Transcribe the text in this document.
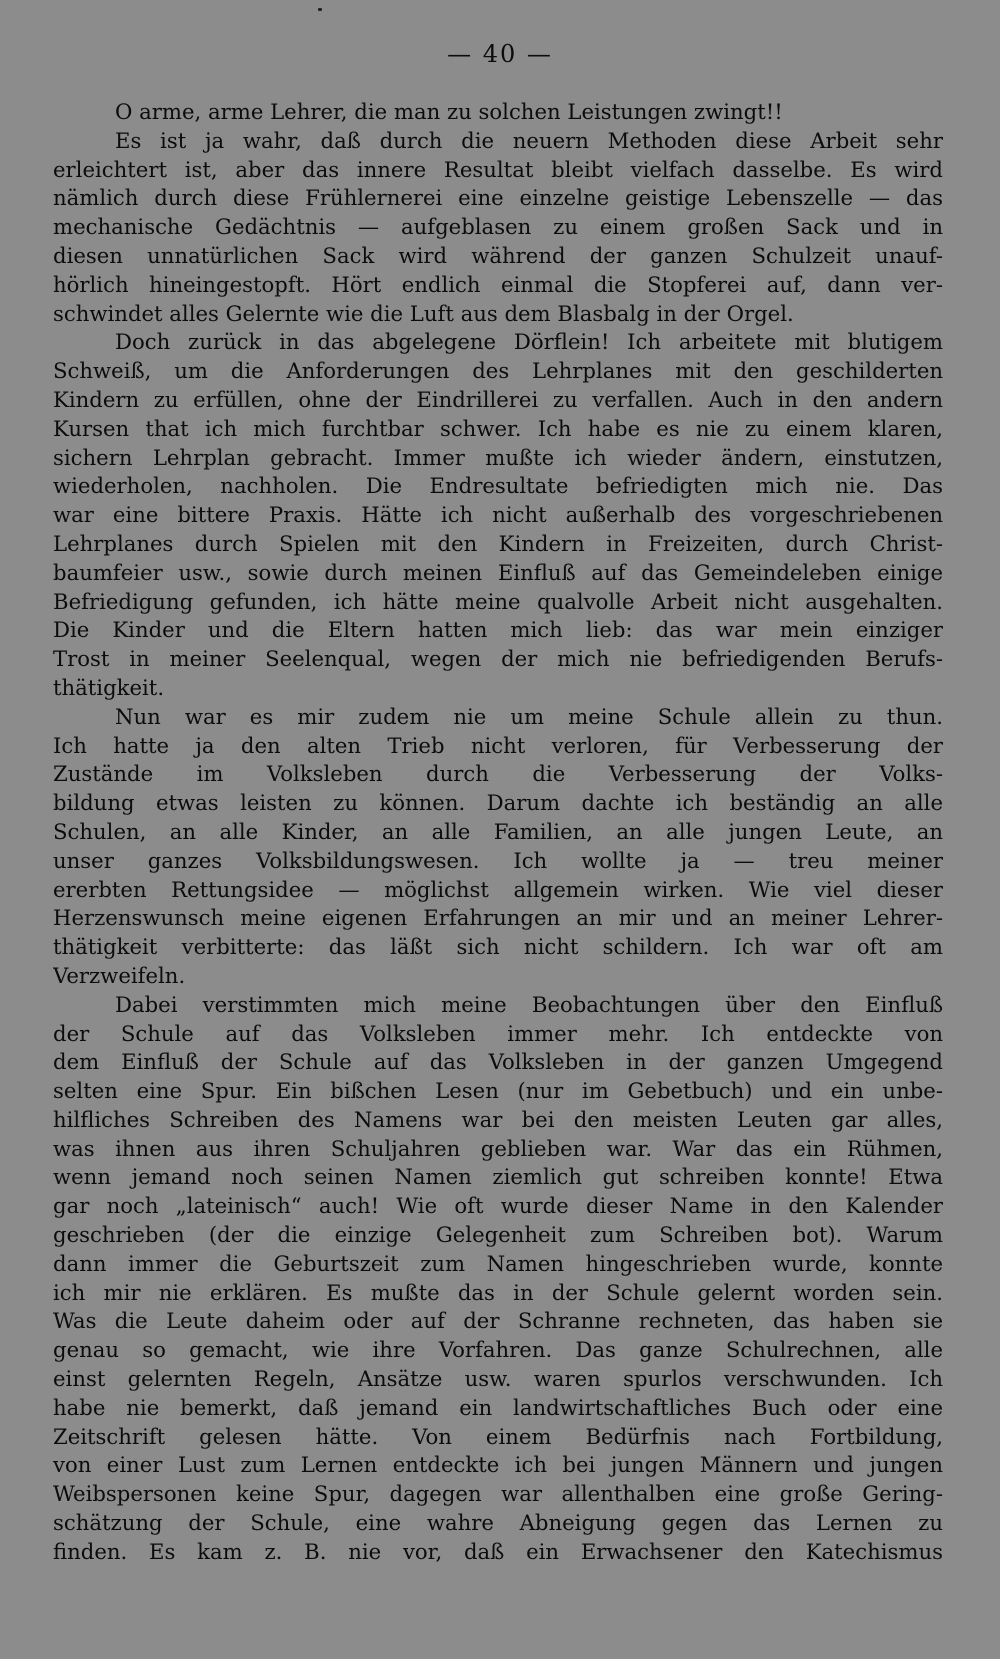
— 40 —
O arme, arme Lehrer, die man zu solchen Leistungen zwingt!!
Es ist ja wahr, daß durch die neuern Methoden diese Arbeit sehr
erleichtert ist, aber das innere Resultat bleibt vielfach dasselbe. Es wird
nämlich durch diese Frühlernerei eine einzelne geistige Lebenszelle — das
mechanische Gedächtnis — aufgeblasen zu einem großen Sack und in
diesen unnatürlichen Sack wird während der ganzen Schulzeit unauf-
hörlich hineingestopft. Hört endlich einmal die Stopferei auf, dann ver-
schwindet alles Gelernte wie die Luft aus dem Blasbalg in der Orgel.
Doch zurück in das abgelegene Dörflein! Ich arbeitete mit blutigem
Schweiß, um die Anforderungen des Lehrplanes mit den geschilderten
Kindern zu erfüllen, ohne der Eindrillerei zu verfallen. Auch in den andern
Kursen that ich mich furchtbar schwer. Ich habe es nie zu einem klaren,
sichern Lehrplan gebracht. Immer mußte ich wieder ändern, einstutzen,
wiederholen, nachholen. Die Endresultate befriedigten mich nie. Das
war eine bittere Praxis. Hätte ich nicht außerhalb des vorgeschriebenen
Lehrplanes durch Spielen mit den Kindern in Freizeiten, durch Christ-
baumfeier usw., sowie durch meinen Einfluß auf das Gemeindeleben einige
Befriedigung gefunden, ich hätte meine qualvolle Arbeit nicht ausgehalten.
Die Kinder und die Eltern hatten mich lieb: das war mein einziger
Trost in meiner Seelenqual, wegen der mich nie befriedigenden Berufs-
thätigkeit.
Nun war es mir zudem nie um meine Schule allein zu thun.
Ich hatte ja den alten Trieb nicht verloren, für Verbesserung der
Zustände im Volksleben durch die Verbesserung der Volks-
bildung etwas leisten zu können. Darum dachte ich beständig an alle
Schulen, an alle Kinder, an alle Familien, an alle jungen Leute, an
unser ganzes Volksbildungswesen. Ich wollte ja — treu meiner
ererbten Rettungsidee — möglichst allgemein wirken. Wie viel dieser
Herzenswunsch meine eigenen Erfahrungen an mir und an meiner Lehrer-
thätigkeit verbitterte: das läßt sich nicht schildern. Ich war oft am
Verzweifeln.
Dabei verstimmten mich meine Beobachtungen über den Einfluß
der Schule auf das Volksleben immer mehr. Ich entdeckte von
dem Einfluß der Schule auf das Volksleben in der ganzen Umgegend
selten eine Spur. Ein bißchen Lesen (nur im Gebetbuch) und ein unbe-
hilfliches Schreiben des Namens war bei den meisten Leuten gar alles,
was ihnen aus ihren Schuljahren geblieben war. War das ein Rühmen,
wenn jemand noch seinen Namen ziemlich gut schreiben konnte! Etwa
gar noch „lateinisch“ auch! Wie oft wurde dieser Name in den Kalender
geschrieben (der die einzige Gelegenheit zum Schreiben bot). Warum
dann immer die Geburtszeit zum Namen hingeschrieben wurde, konnte
ich mir nie erklären. Es mußte das in der Schule gelernt worden sein.
Was die Leute daheim oder auf der Schranne rechneten, das haben sie
genau so gemacht, wie ihre Vorfahren. Das ganze Schulrechnen, alle
einst gelernten Regeln, Ansätze usw. waren spurlos verschwunden. Ich
habe nie bemerkt, daß jemand ein landwirtschaftliches Buch oder eine
Zeitschrift gelesen hätte. Von einem Bedürfnis nach Fortbildung,
von einer Lust zum Lernen entdeckte ich bei jungen Männern und jungen
Weibspersonen keine Spur, dagegen war allenthalben eine große Gering-
schätzung der Schule, eine wahre Abneigung gegen das Lernen zu
finden. Es kam z. B. nie vor, daß ein Erwachsener den Katechismus
